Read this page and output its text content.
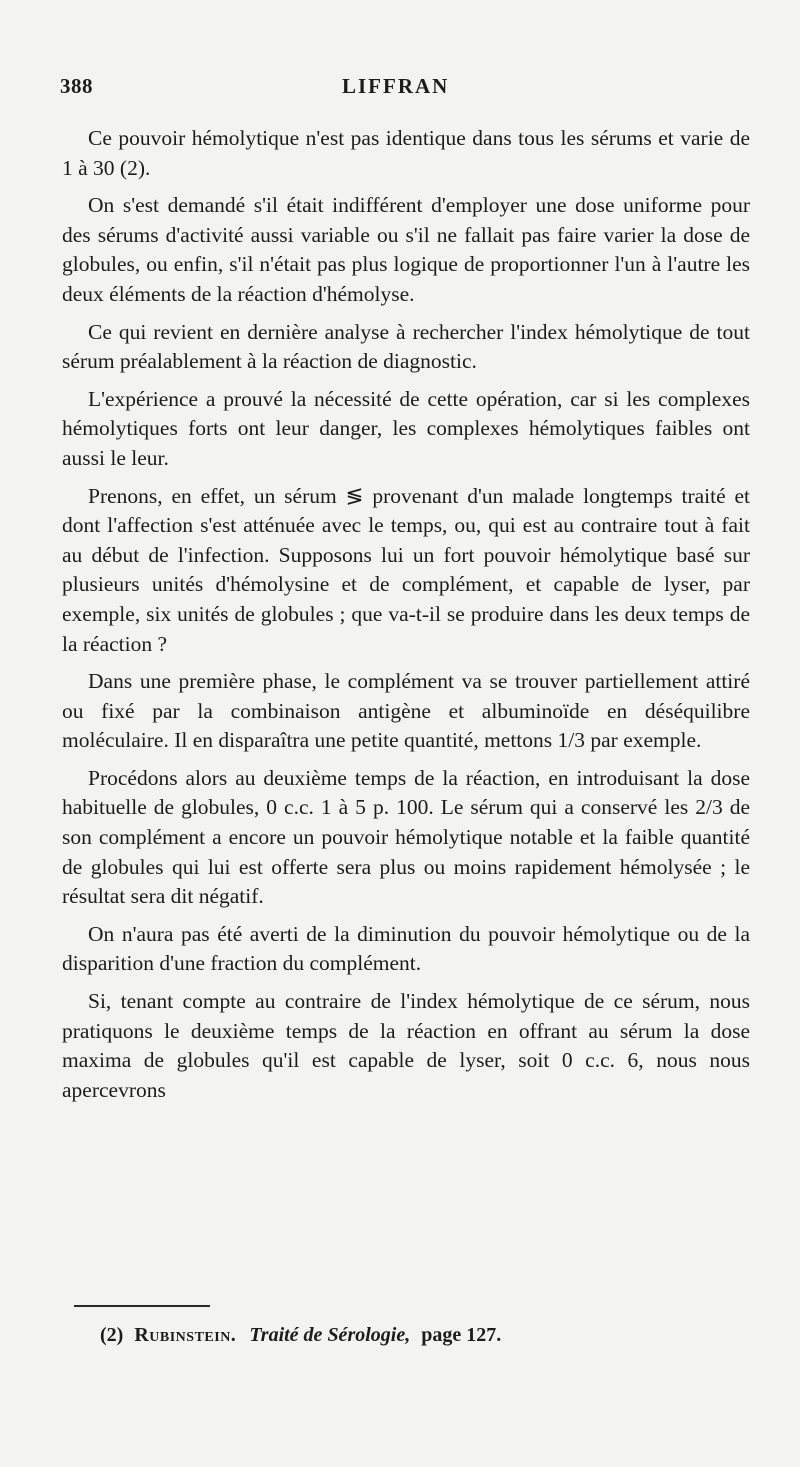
388	LIFFRAN

Ce pouvoir hémolytique n'est pas identique dans tous les sérums et varie de 1 à 30 (2).

On s'est demandé s'il était indifférent d'employer une dose uniforme pour des sérums d'activité aussi variable ou s'il ne fallait pas faire varier la dose de globules, ou enfin, s'il n'était pas plus logique de proportionner l'un à l'autre les deux éléments de la réaction d'hémolyse.

Ce qui revient en dernière analyse à rechercher l'index hémolytique de tout sérum préalablement à la réaction de diagnostic.

L'expérience a prouvé la nécessité de cette opération, car si les complexes hémolytiques forts ont leur danger, les complexes hémolytiques faibles ont aussi le leur.

Prenons, en effet, un sérum ≶ provenant d'un malade longtemps traité et dont l'affection s'est atténuée avec le temps, ou, qui est au contraire tout à fait au début de l'infection. Supposons lui un fort pouvoir hémolytique basé sur plusieurs unités d'hémolysine et de complément, et capable de lyser, par exemple, six unités de globules ; que va-t-il se produire dans les deux temps de la réaction ?

Dans une première phase, le complément va se trouver partiellement attiré ou fixé par la combinaison antigène et albuminoïde en déséquilibre moléculaire. Il en disparaîtra une petite quantité, mettons 1/3 par exemple.

Procédons alors au deuxième temps de la réaction, en introduisant la dose habituelle de globules, 0 c.c. 1 à 5 p. 100. Le sérum qui a conservé les 2/3 de son complément a encore un pouvoir hémolytique notable et la faible quantité de globules qui lui est offerte sera plus ou moins rapidement hémolysée ; le résultat sera dit négatif.

On n'aura pas été averti de la diminution du pouvoir hémolytique ou de la disparition d'une fraction du complément.

Si, tenant compte au contraire de l'index hémolytique de ce sérum, nous pratiquons le deuxième temps de la réaction en offrant au sérum la dose maxima de globules qu'il est capable de lyser, soit 0 c.c. 6, nous nous apercevrons

(2) Rubinstein. Traité de Sérologie, page 127.
